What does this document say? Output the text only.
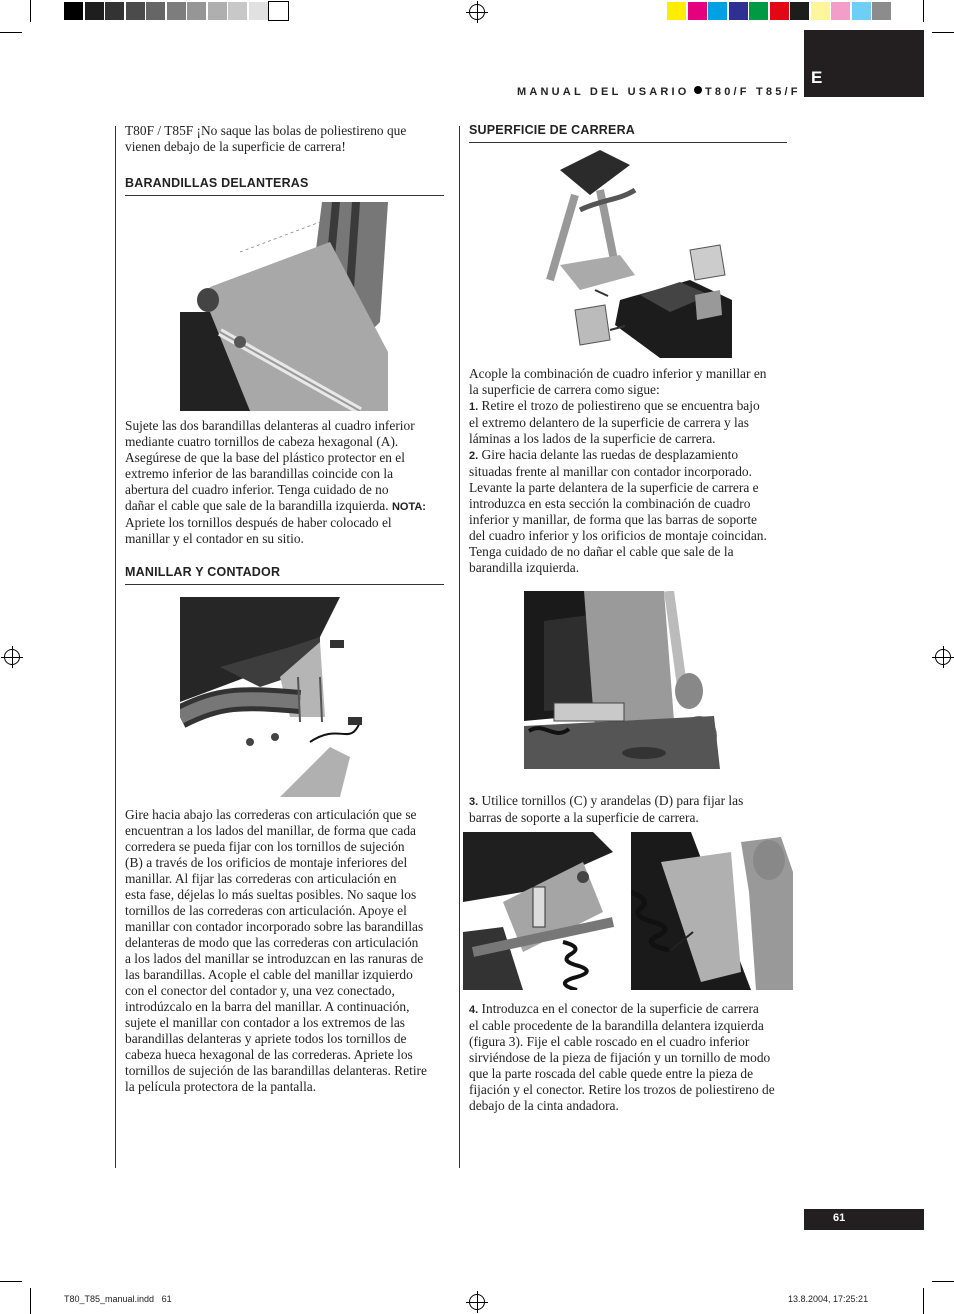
MANUAL DEL USARIO T80/F T85/F
E
T80F / T85F ¡No saque las bolas de poliestireno que vienen debajo de la superficie de carrera!
BARANDILLAS DELANTERAS
Sujete las dos barandillas delanteras al cuadro inferior
mediante cuatro tornillos de cabeza hexagonal (A).
Asegúrese de que la base del plástico protector en el
extremo inferior de las barandillas coincide con la
abertura del cuadro inferior. Tenga cuidado de no
dañar el cable que sale de la barandilla izquierda. NOTA:
Apriete los tornillos después de haber colocado el
manillar y el contador en su sitio.
MANILLAR Y CONTADOR
Gire hacia abajo las correderas con articulación que se
encuentran a los lados del manillar, de forma que cada
corredera se pueda fijar con los tornillos de sujeción
(B) a través de los orificios de montaje inferiores del
manillar. Al fijar las correderas con articulación en
esta fase, déjelas lo más sueltas posibles. No saque los
tornillos de las correderas con articulación. Apoye el
manillar con contador incorporado sobre las barandillas
delanteras de modo que las correderas con articulación
a los lados del manillar se introduzcan en las ranuras de
las barandillas. Acople el cable del manillar izquierdo
con el conector del contador y, una vez conectado,
introdúzcalo en la barra del manillar. A continuación,
sujete el manillar con contador a los extremos de las
barandillas delanteras y apriete todos los tornillos de
cabeza hueca hexagonal de las correderas. Apriete los
tornillos de sujeción de las barandillas delanteras. Retire
la película protectora de la pantalla.
SUPERFICIE DE CARRERA
Acople la combinación de cuadro inferior y manillar en
la superficie de carrera como sigue:
1. Retire el trozo de poliestireno que se encuentra bajo
el extremo delantero de la superficie de carrera y las
láminas a los lados de la superficie de carrera.
2. Gire hacia delante las ruedas de desplazamiento
situadas frente al manillar con contador incorporado.
Levante la parte delantera de la superficie de carrera e
introduzca en esta sección la combinación de cuadro
inferior y manillar, de forma que las barras de soporte
del cuadro inferior y los orificios de montaje coincidan.
Tenga cuidado de no dañar el cable que sale de la
barandilla izquierda.
3. Utilice tornillos (C) y arandelas (D) para fijar las
barras de soporte a la superficie de carrera.
4. Introduzca en el conector de la superficie de carrera
el cable procedente de la barandilla delantera izquierda
(figura 3). Fije el cable roscado en el cuadro inferior
sirviéndose de la pieza de fijación y un tornillo de modo
que la parte roscada del cable quede entre la pieza de
fijación y el conector. Retire los trozos de poliestireno de
debajo de la cinta andadora.
61
T80_T85_manual.indd   61	13.8.2004, 17:25:21
